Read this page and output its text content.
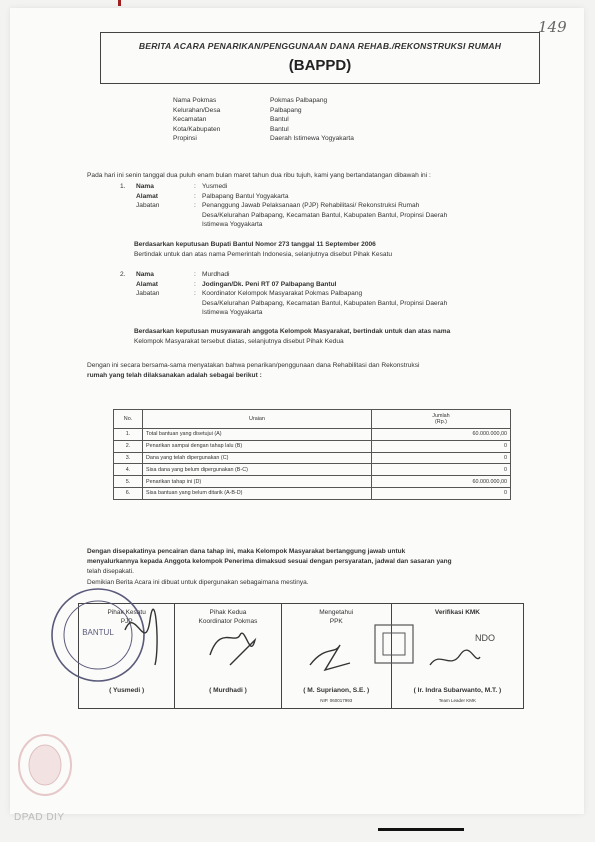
149
BERITA ACARA PENARIKAN/PENGGUNAAN DANA REHAB./REKONSTRUKSI RUMAH
(BAPPD)
Nama Pokmas	Pokmas Palbapang
Kelurahan/Desa	Palbapang
Kecamatan	Bantul
Kota/Kabupaten	Bantul
Propinsi	Daerah Istimewa Yogyakarta
Pada hari ini senin tanggal dua puluh enam bulan maret tahun dua ribu tujuh, kami yang bertandatangan dibawah ini :
1.	Nama	: Yusmedi
Alamat	: Palbapang Bantul Yogyakarta
Jabatan	: Penanggung Jawab Pelaksanaan (PJP) Rehabilitasi/ Rekonstruksi Rumah
Desa/Kelurahan Palbapang, Kecamatan Bantul, Kabupaten Bantul, Propinsi Daerah
Istimewa Yogyakarta
Berdasarkan keputusan Bupati Bantul Nomor 273 tanggal 11 September 2006
Bertindak untuk dan atas nama Pemerintah Indonesia, selanjutnya disebut Pihak Kesatu
2.	Nama	: Murdhadi
Alamat	: Jodingan/Dk. Peni RT 07 Palbapang Bantul
Jabatan	: Koordinator Kelompok Masyarakat Pokmas Palbapang
Desa/Kelurahan Palbapang, Kecamatan Bantul, Kabupaten Bantul, Propinsi Daerah
Istimewa Yogyakarta
Berdasarkan keputusan musyawarah anggota Kelompok Masyarakat, bertindak untuk dan atas nama
Kelompok Masyarakat tersebut diatas, selanjutnya disebut Pihak Kedua
Dengan ini secara bersama-sama menyatakan bahwa penarikan/penggunaan dana Rehabilitasi dan Rekonstruksi
rumah yang telah dilaksanakan adalah sebagai berikut :
No.	Uraian	Jumlah
(Rp.)

1.	Total bantuan yang disetujui (A)	60.000.000,00
2.	Penarikan sampai dengan tahap lalu (B)	0
3.	Dana yang telah dipergunakan (C)	0
4.	Sisa dana yang belum dipergunakan (B-C)	0
5.	Penarikan tahap ini (D)	60.000.000,00
6.	Sisa bantuan yang belum ditarik (A-B-D)	0
Dengan disepakatinya pencairan dana tahap ini, maka Kelompok Masyarakat bertanggung jawab untuk
menyalurkannya kepada Anggota kelompok Penerima dimaksud sesuai dengan persyaratan, jadwal dan sasaran yang
telah disepakati.
Demikian Berita Acara ini dibuat untuk dipergunakan sebagaimana mestinya.
Pihak Kesatu
PJP
( Yusmedi )
Pihak Kedua
Koordinator Pokmas
( Murdhadi )
Mengetahui
PPK
( M. Suprianon, S.E. )
NIP. 060017993
Verifikasi KMK
( Ir. Indra Subarwanto, M.T. )
Team Leader KMK
BANTUL
NDO
DPAD DIY
